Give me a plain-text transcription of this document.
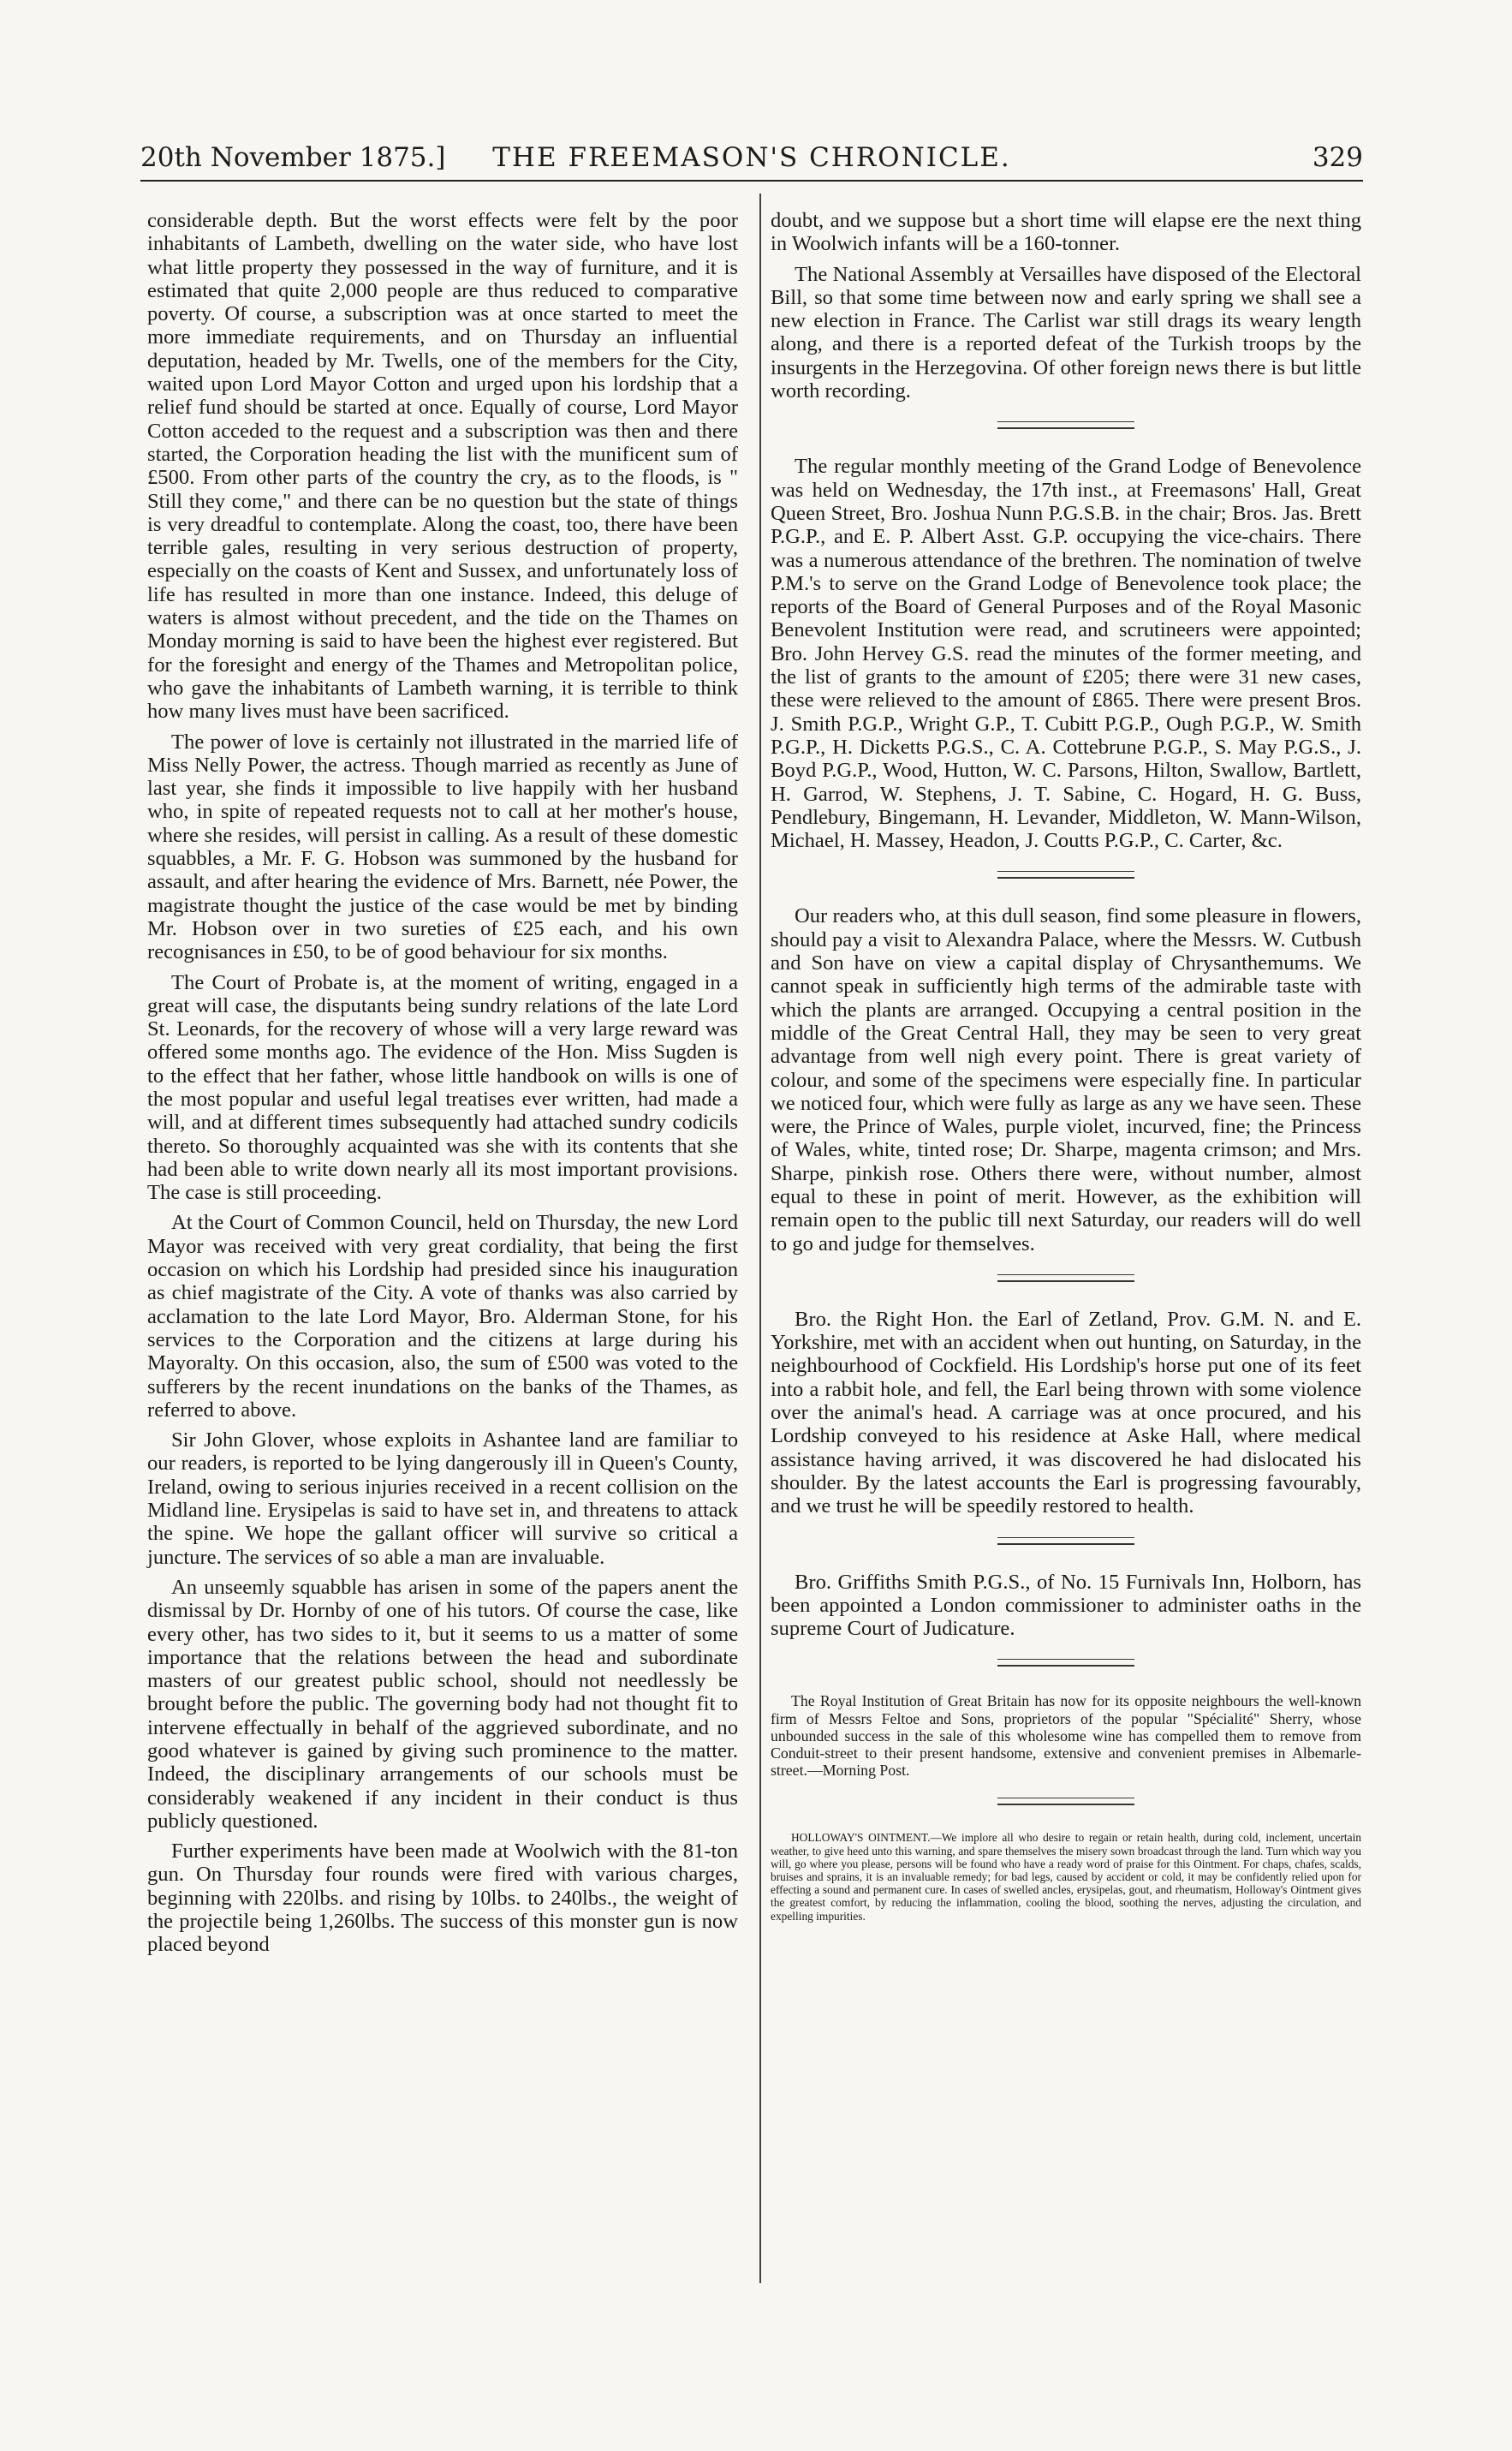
20th November 1875.]	THE FREEMASON'S CHRONICLE.	329

considerable depth. But the worst effects were felt by the poor inhabitants of Lambeth, dwelling on the water side, who have lost what little property they possessed in the way of furniture, and it is estimated that quite 2,000 people are thus reduced to comparative poverty. Of course, a subscription was at once started to meet the more immediate requirements, and on Thursday an influential deputation, headed by Mr. Twells, one of the members for the City, waited upon Lord Mayor Cotton and urged upon his lordship that a relief fund should be started at once. Equally of course, Lord Mayor Cotton acceded to the request and a subscription was then and there started, the Corporation heading the list with the munificent sum of £500. From other parts of the country the cry, as to the floods, is " Still they come," and there can be no question but the state of things is very dreadful to contemplate. Along the coast, too, there have been terrible gales, resulting in very serious destruction of property, especially on the coasts of Kent and Sussex, and unfortunately loss of life has resulted in more than one instance. Indeed, this deluge of waters is almost without precedent, and the tide on the Thames on Monday morning is said to have been the highest ever registered. But for the foresight and energy of the Thames and Metropolitan police, who gave the inhabitants of Lambeth warning, it is terrible to think how many lives must have been sacrificed.

The power of love is certainly not illustrated in the married life of Miss Nelly Power, the actress. Though married as recently as June of last year, she finds it impossible to live happily with her husband who, in spite of repeated requests not to call at her mother's house, where she resides, will persist in calling. As a result of these domestic squabbles, a Mr. F. G. Hobson was summoned by the husband for assault, and after hearing the evidence of Mrs. Barnett, née Power, the magistrate thought the justice of the case would be met by binding Mr. Hobson over in two sureties of £25 each, and his own recognisances in £50, to be of good behaviour for six months.

The Court of Probate is, at the moment of writing, engaged in a great will case, the disputants being sundry relations of the late Lord St. Leonards, for the recovery of whose will a very large reward was offered some months ago. The evidence of the Hon. Miss Sugden is to the effect that her father, whose little handbook on wills is one of the most popular and useful legal treatises ever written, had made a will, and at different times subsequently had attached sundry codicils thereto. So thoroughly acquainted was she with its contents that she had been able to write down nearly all its most important provisions. The case is still proceeding.

At the Court of Common Council, held on Thursday, the new Lord Mayor was received with very great cordiality, that being the first occasion on which his Lordship had presided since his inauguration as chief magistrate of the City. A vote of thanks was also carried by acclamation to the late Lord Mayor, Bro. Alderman Stone, for his services to the Corporation and the citizens at large during his Mayoralty. On this occasion, also, the sum of £500 was voted to the sufferers by the recent inundations on the banks of the Thames, as referred to above.

Sir John Glover, whose exploits in Ashantee land are familiar to our readers, is reported to be lying dangerously ill in Queen's County, Ireland, owing to serious injuries received in a recent collision on the Midland line. Erysipelas is said to have set in, and threatens to attack the spine. We hope the gallant officer will survive so critical a juncture. The services of so able a man are invaluable.

An unseemly squabble has arisen in some of the papers anent the dismissal by Dr. Hornby of one of his tutors. Of course the case, like every other, has two sides to it, but it seems to us a matter of some importance that the relations between the head and subordinate masters of our greatest public school, should not needlessly be brought before the public. The governing body had not thought fit to intervene effectually in behalf of the aggrieved subordinate, and no good whatever is gained by giving such prominence to the matter. Indeed, the disciplinary arrangements of our schools must be considerably weakened if any incident in their conduct is thus publicly questioned.

Further experiments have been made at Woolwich with the 81-ton gun. On Thursday four rounds were fired with various charges, beginning with 220lbs. and rising by 10lbs. to 240lbs., the weight of the projectile being 1,260lbs. The success of this monster gun is now placed beyond

doubt, and we suppose but a short time will elapse ere the next thing in Woolwich infants will be a 160-tonner.

The National Assembly at Versailles have disposed of the Electoral Bill, so that some time between now and early spring we shall see a new election in France. The Carlist war still drags its weary length along, and there is a reported defeat of the Turkish troops by the insurgents in the Herzegovina. Of other foreign news there is but little worth recording.

The regular monthly meeting of the Grand Lodge of Benevolence was held on Wednesday, the 17th inst., at Freemasons' Hall, Great Queen Street, Bro. Joshua Nunn P.G.S.B. in the chair; Bros. Jas. Brett P.G.P., and E. P. Albert Asst. G.P. occupying the vice-chairs. There was a numerous attendance of the brethren. The nomination of twelve P.M.'s to serve on the Grand Lodge of Benevolence took place; the reports of the Board of General Purposes and of the Royal Masonic Benevolent Institution were read, and scrutineers were appointed; Bro. John Hervey G.S. read the minutes of the former meeting, and the list of grants to the amount of £205; there were 31 new cases, these were relieved to the amount of £865. There were present Bros. J. Smith P.G.P., Wright G.P., T. Cubitt P.G.P., Ough P.G.P., W. Smith P.G.P., H. Dicketts P.G.S., C. A. Cottebrune P.G.P., S. May P.G.S., J. Boyd P.G.P., Wood, Hutton, W. C. Parsons, Hilton, Swallow, Bartlett, H. Garrod, W. Stephens, J. T. Sabine, C. Hogard, H. G. Buss, Pendlebury, Bingemann, H. Levander, Middleton, W. Mann-Wilson, Michael, H. Massey, Headon, J. Coutts P.G.P., C. Carter, &c.

Our readers who, at this dull season, find some pleasure in flowers, should pay a visit to Alexandra Palace, where the Messrs. W. Cutbush and Son have on view a capital display of Chrysanthemums. We cannot speak in sufficiently high terms of the admirable taste with which the plants are arranged. Occupying a central position in the middle of the Great Central Hall, they may be seen to very great advantage from well nigh every point. There is great variety of colour, and some of the specimens were especially fine. In particular we noticed four, which were fully as large as any we have seen. These were, the Prince of Wales, purple violet, incurved, fine; the Princess of Wales, white, tinted rose; Dr. Sharpe, magenta crimson; and Mrs. Sharpe, pinkish rose. Others there were, without number, almost equal to these in point of merit. However, as the exhibition will remain open to the public till next Saturday, our readers will do well to go and judge for themselves.

Bro. the Right Hon. the Earl of Zetland, Prov. G.M. N. and E. Yorkshire, met with an accident when out hunting, on Saturday, in the neighbourhood of Cockfield. His Lordship's horse put one of its feet into a rabbit hole, and fell, the Earl being thrown with some violence over the animal's head. A carriage was at once procured, and his Lordship conveyed to his residence at Aske Hall, where medical assistance having arrived, it was discovered he had dislocated his shoulder. By the latest accounts the Earl is progressing favourably, and we trust he will be speedily restored to health.

Bro. Griffiths Smith P.G.S., of No. 15 Furnivals Inn, Holborn, has been appointed a London commissioner to administer oaths in the supreme Court of Judicature.

The Royal Institution of Great Britain has now for its opposite neighbours the well-known firm of Messrs Feltoe and Sons, proprietors of the popular "Spécialité" Sherry, whose unbounded success in the sale of this wholesome wine has compelled them to remove from Conduit-street to their present handsome, extensive and convenient premises in Albemarle-street.—Morning Post.

HOLLOWAY'S OINTMENT.—We implore all who desire to regain or retain health, during cold, inclement, uncertain weather, to give heed unto this warning, and spare themselves the misery sown broadcast through the land. Turn which way you will, go where you please, persons will be found who have a ready word of praise for this Ointment. For chaps, chafes, scalds, bruises and sprains, it is an invaluable remedy; for bad legs, caused by accident or cold, it may be confidently relied upon for effecting a sound and permanent cure. In cases of swelled ancles, erysipelas, gout, and rheumatism, Holloway's Ointment gives the greatest comfort, by reducing the inflammation, cooling the blood, soothing the nerves, adjusting the circulation, and expelling impurities.
